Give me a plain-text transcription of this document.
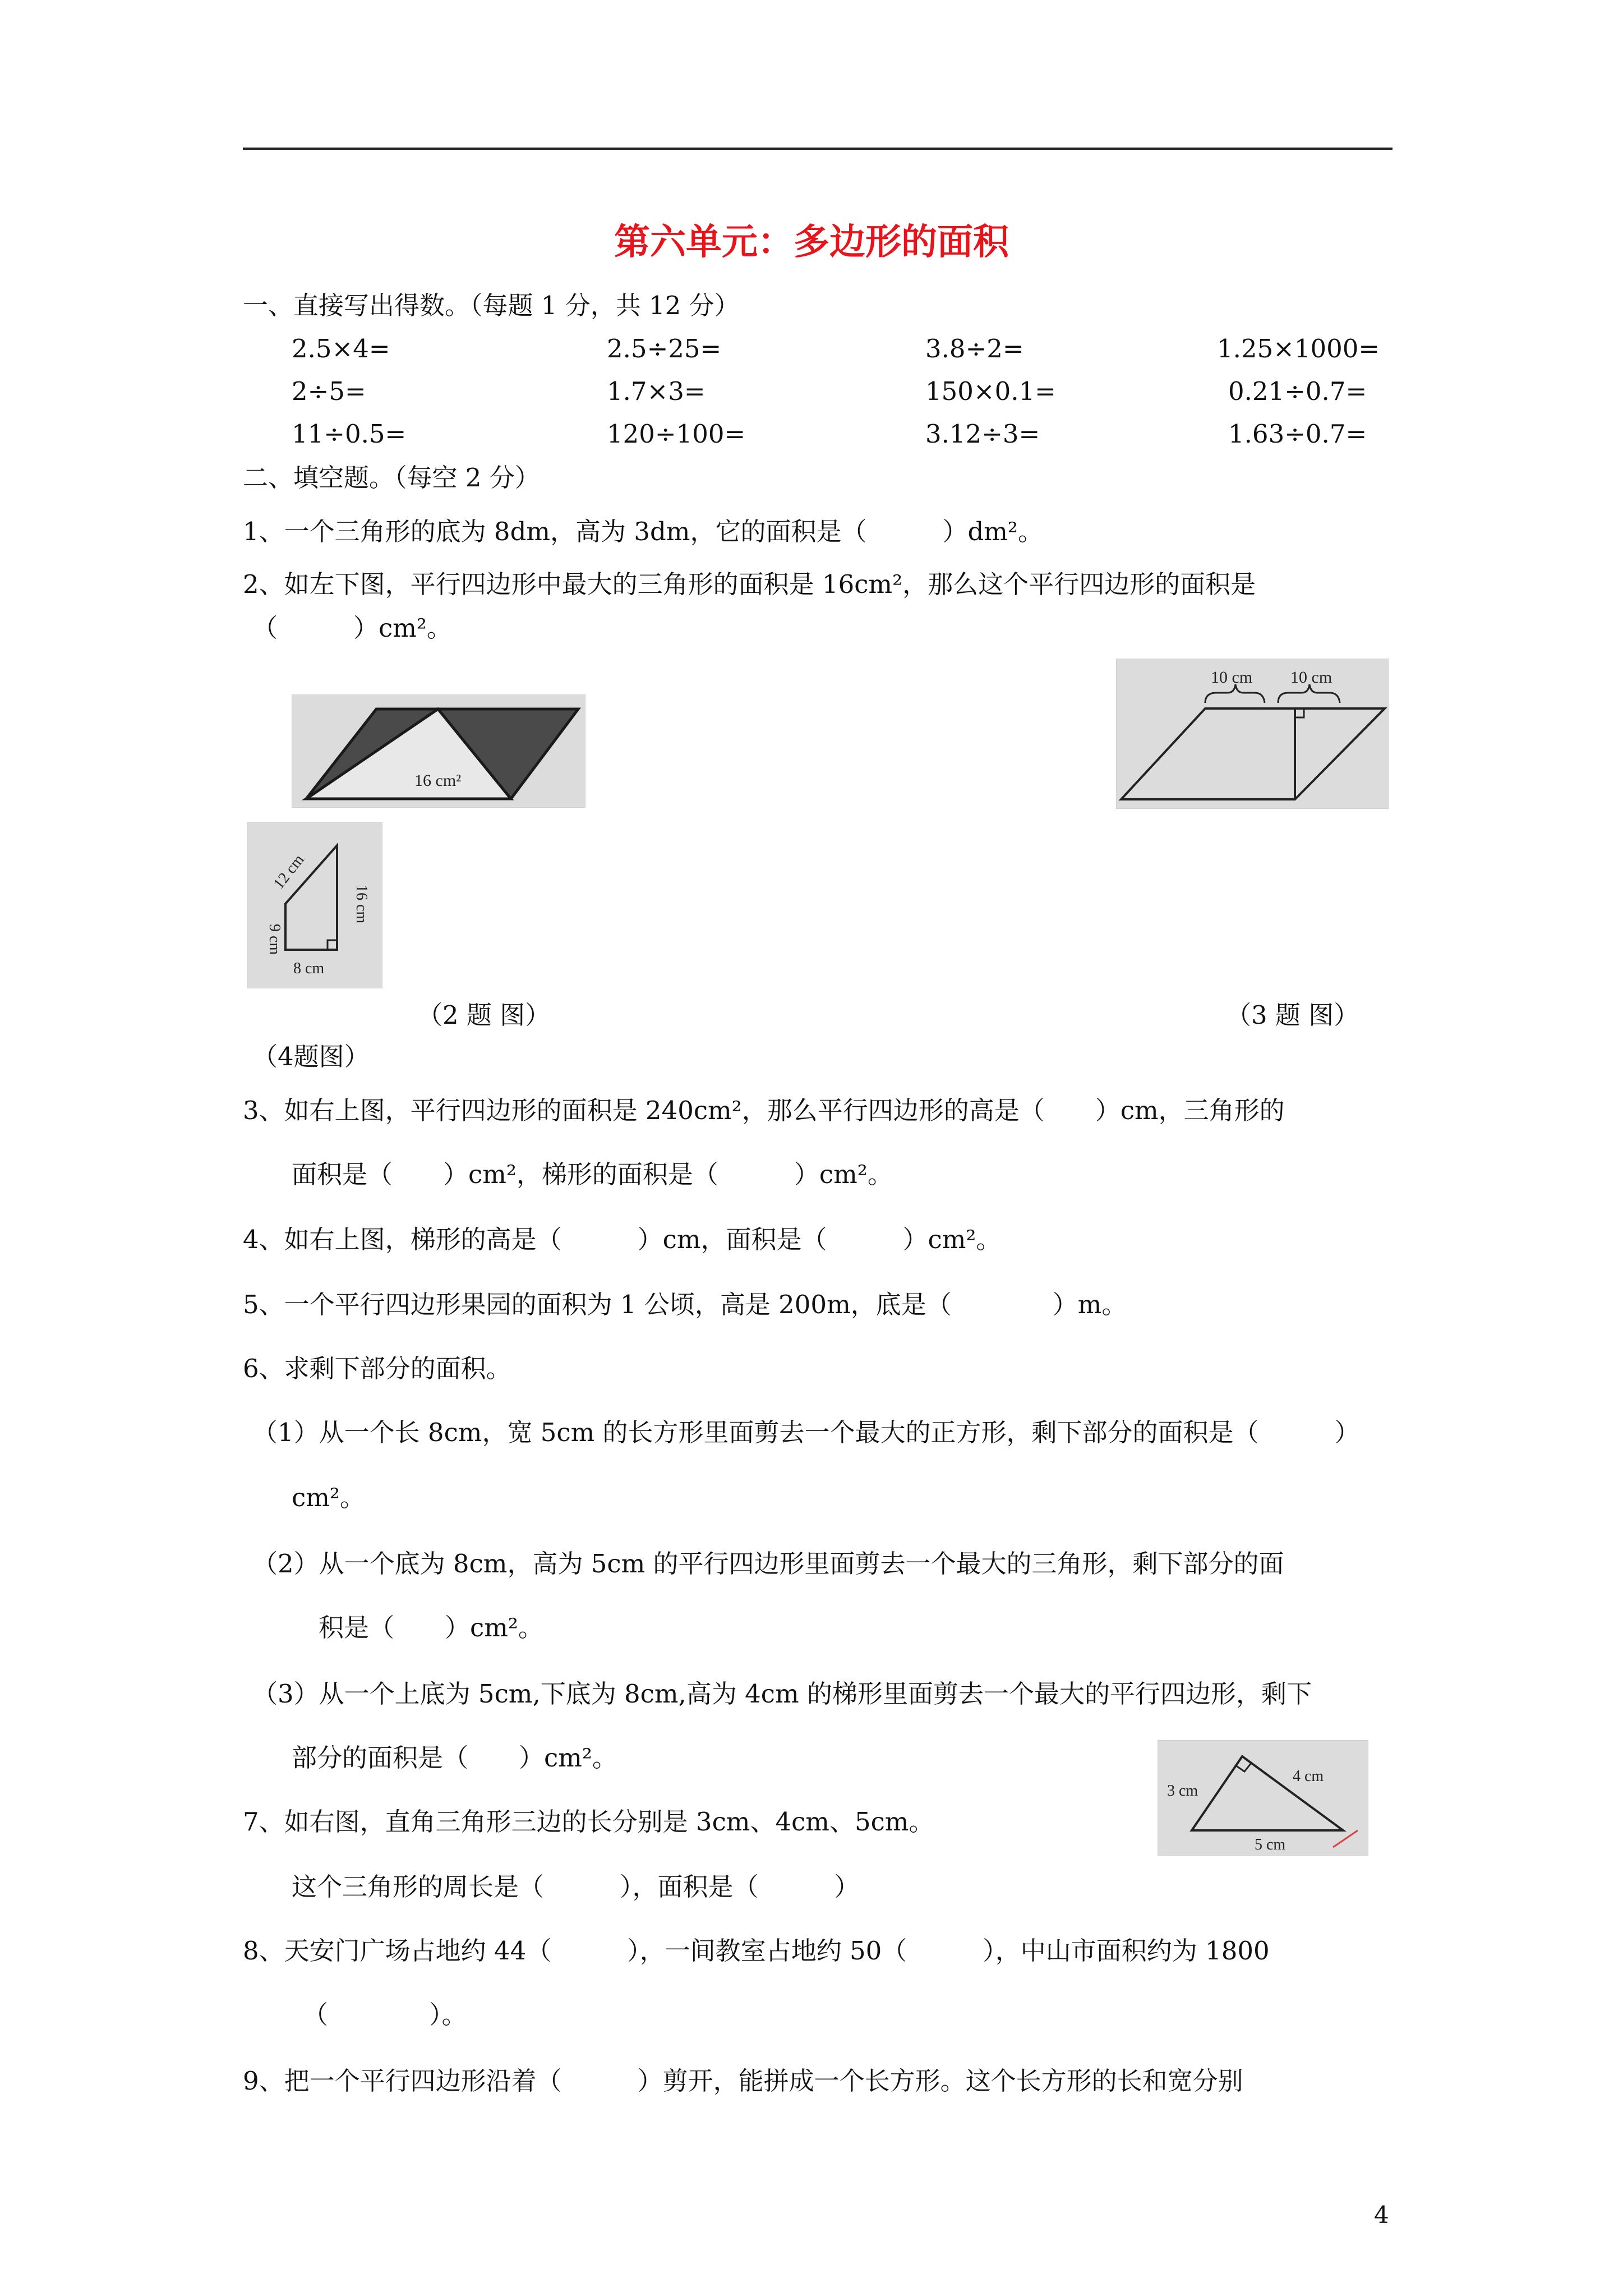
第六单元：多边形的面积
一、直接写出得数。（每题 1 分，共 12 分）
2.5×4=	2.5÷25=	3.8÷2=	1.25×1000=
2÷5=	1.7×3=	150×0.1=	0.21÷0.7=
11÷0.5=	120÷100=	3.12÷3=	1.63÷0.7=
二、填空题。（每空 2 分）
1、一个三角形的底为 8dm，高为 3dm，它的面积是（　　　）dm²。
2、如左下图，平行四边形中最大的三角形的面积是 16cm²，那么这个平行四边形的面积是
（　　　）cm²。
16 cm²
10 cm 10 cm
12 cm
9 cm
16 cm
8 cm
（2 题 图）	（3 题 图）
（4题图）
3、如右上图，平行四边形的面积是 240cm²，那么平行四边形的高是（　　）cm，三角形的
面积是（　　）cm²，梯形的面积是（　　　）cm²。
4、如右上图，梯形的高是（　　　）cm，面积是（　　　）cm²。
5、一个平行四边形果园的面积为 1 公顷，高是 200m，底是（　　　　）m。
6、求剩下部分的面积。
（1）从一个长 8cm，宽 5cm 的长方形里面剪去一个最大的正方形，剩下部分的面积是（　　　）
cm²。
（2）从一个底为 8cm，高为 5cm 的平行四边形里面剪去一个最大的三角形，剩下部分的面
积是（　　）cm²。
（3）从一个上底为 5cm,下底为 8cm,高为 4cm 的梯形里面剪去一个最大的平行四边形，剩下
部分的面积是（　　）cm²。
3 cm
4 cm
5 cm
7、如右图，直角三角形三边的长分别是 3cm、4cm、5cm。
这个三角形的周长是（　　　），面积是（　　　）
8、天安门广场占地约 44（　　　），一间教室占地约 50（　　　），中山市面积约为 1800
（　　　　）。
9、把一个平行四边形沿着（　　　）剪开，能拼成一个长方形。这个长方形的长和宽分别
4
